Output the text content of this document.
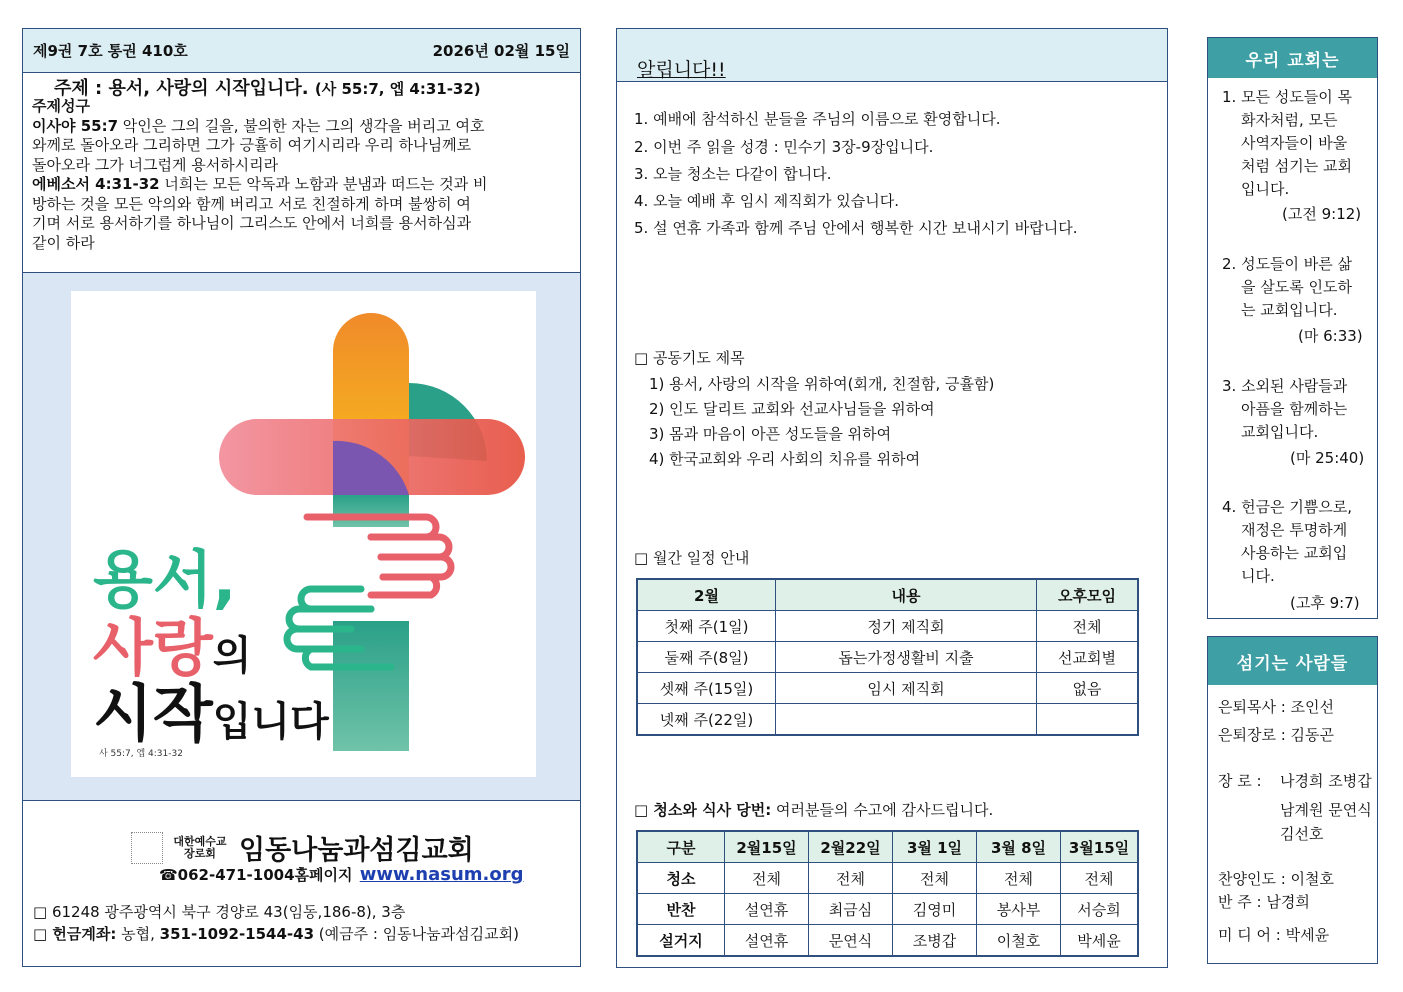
제9권 7호 통권 410호	2026년 02월 15일
주제 : 용서, 사랑의 시작입니다. (사 55:7, 엡 4:31-32)
주제성구
이사야 55:7 악인은 그의 길을, 불의한 자는 그의 생각을 버리고 여호
와께로 돌아오라 그리하면 그가 긍휼히 여기시리라 우리 하나님께로
돌아오라 그가 너그럽게 용서하시리라
에베소서 4:31-32 너희는 모든 악독과 노함과 분냄과 떠드는 것과 비
방하는 것을 모든 악의와 함께 버리고 서로 친절하게 하며 불쌍히 여
기며 서로 용서하기를 하나님이 그리스도 안에서 너희를 용서하심과
같이 하라
용서,
사랑의
시작입니다
사 55:7, 엡 4:31-32
대한예수교 장로회 임동나눔과섬김교회
☎062-471-1004홈페이지 www.nasum.org
□ 61248 광주광역시 북구 경양로 43(임동,186-8), 3층
□ 헌금계좌: 농협, 351-1092-1544-43 (예금주 : 임동나눔과섬김교회)
알립니다!!
1. 예배에 참석하신 분들을 주님의 이름으로 환영합니다.
2. 이번 주 읽을 성경 : 민수기 3장-9장입니다.
3. 오늘 청소는 다같이 합니다.
4. 오늘 예배 후 임시 제직회가 있습니다.
5. 설 연휴 가족과 함께 주님 안에서 행복한 시간 보내시기 바랍니다.
□ 공동기도 제목
1) 용서, 사랑의 시작을 위하여(회개, 친절함, 긍휼함)
2) 인도 달리트 교회와 선교사님들을 위하여
3) 몸과 마음이 아픈 성도들을 위하여
4) 한국교회와 우리 사회의 치유를 위하여
□ 월간 일정 안내
2월	내용	오후모임
첫째 주(1일)	정기 제직회	전체
둘째 주(8일)	돕는가정생활비 지출	선교회별
셋째 주(15일)	임시 제직회	없음
넷째 주(22일)		
□ 청소와 식사 당번: 여러분들의 수고에 감사드립니다.
구분	2월15일	2월22일	3월 1일	3월 8일	3월15일
청소	전체	전체	전체	전체	전체
반찬	설연휴	최금심	김영미	봉사부	서승희
설거지	설연휴	문연식	조병갑	이철호	박세윤
우리 교회는
1. 모든 성도들이 목
화자처럼, 모든
사역자들이 바울
처럼 섬기는 교회
입니다.
(고전 9:12)
2. 성도들이 바른 삶
을 살도록 인도하
는 교회입니다.
(마 6:33)
3. 소외된 사람들과
아픔을 함께하는
교회입니다.
(마 25:40)
4. 헌금은 기쁨으로,
재정은 투명하게
사용하는 교회입
니다.
(고후 9:7)
섬기는 사람들
은퇴목사 : 조인선
은퇴장로 : 김동곤
장 로 : 나경희 조병갑
남계원 문연식
김선호
찬양인도 : 이철호
반 주 : 남경희
미 디 어 : 박세윤
